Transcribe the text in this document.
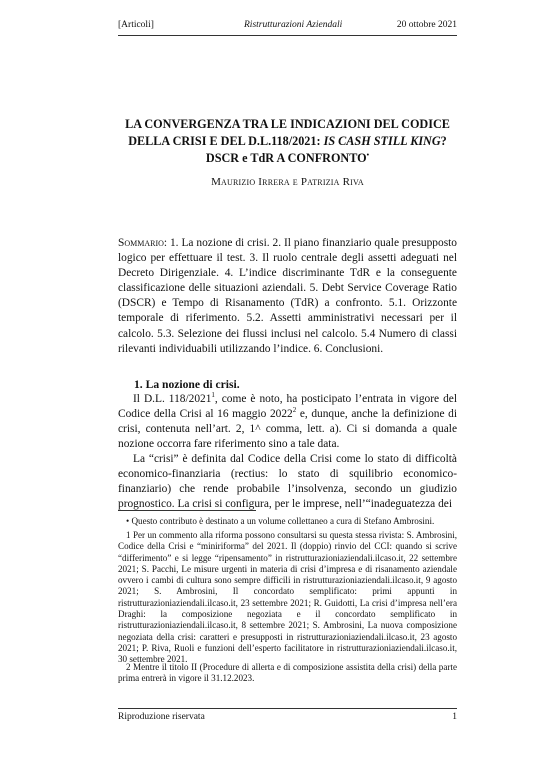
[Articoli]	Ristrutturazioni Aziendali	20 ottobre 2021
LA CONVERGENZA TRA LE INDICAZIONI DEL CODICE
DELLA CRISI E DEL D.L.118/2021: IS CASH STILL KING?
DSCR e TdR A CONFRONTO•
Maurizio Irrera e Patrizia Riva
Sommario: 1. La nozione di crisi. 2. Il piano finanziario quale presupposto logico per effettuare il test. 3. Il ruolo centrale degli assetti adeguati nel Decreto Dirigenziale. 4. L’indice discriminante TdR e la conseguente classificazione delle situazioni aziendali. 5. Debt Service Coverage Ratio (DSCR) e Tempo di Risanamento (TdR) a confronto. 5.1. Orizzonte temporale di riferimento. 5.2. Assetti amministrativi necessari per il calcolo. 5.3. Selezione dei flussi inclusi nel calcolo. 5.4 Numero di classi rilevanti individuabili utilizzando l’indice. 6. Conclusioni.
1. La nozione di crisi.

Il D.L. 118/2021$^1$, come è noto, ha posticipato l’entrata in vigore del Codice della Crisi al 16 maggio 2022$^2$ e, dunque, anche la definizione di crisi, contenuta nell’art. 2, 1^ comma, lett. a). Ci si domanda a quale nozione occorra fare riferimento sino a tale data.

La “crisi” è definita dal Codice della Crisi come lo stato di difficoltà economico-finanziaria (rectius: lo stato di squilibrio economico-finanziario) che rende probabile l’insolvenza, secondo un giudizio prognostico. La crisi si configura, per le imprese, nell’“inadeguatezza dei

• Questo contributo è destinato a un volume collettaneo a cura di Stefano Ambrosini.
1 Per un commento alla riforma possono consultarsi su questa stessa rivista: S. Ambrosini, Codice della Crisi e “miniriforma” del 2021. Il (doppio) rinvio del CCI: quando si scrive “differimento” e si legge “ripensamento” in ristrutturazioniaziendali.ilcaso.it, 22 settembre 2021; S. Pacchi, Le misure urgenti in materia di crisi d’impresa e di risanamento aziendale ovvero i cambi di cultura sono sempre difficili in ristrutturazioniaziendali.ilcaso.it, 9 agosto 2021; S. Ambrosini, Il concordato semplificato: primi appunti in ristrutturazioniaziendali.ilcaso.it, 23 settembre 2021; R. Guidotti, La crisi d’impresa nell’era Draghi: la composizione negoziata e il concordato semplificato in ristrutturazioniaziendali.ilcaso.it, 8 settembre 2021; S. Ambrosini, La nuova composizione negoziata della crisi: caratteri e presupposti in ristrutturazioniaziendali.ilcaso.it, 23 agosto 2021; P. Riva, Ruoli e funzioni dell’esperto facilitatore in ristrutturazioniaziendali.ilcaso.it, 30 settembre 2021.
2 Mentre il titolo II (Procedure di allerta e di composizione assistita della crisi) della parte prima entrerà in vigore il 31.12.2023.
Riproduzione riservata	1
